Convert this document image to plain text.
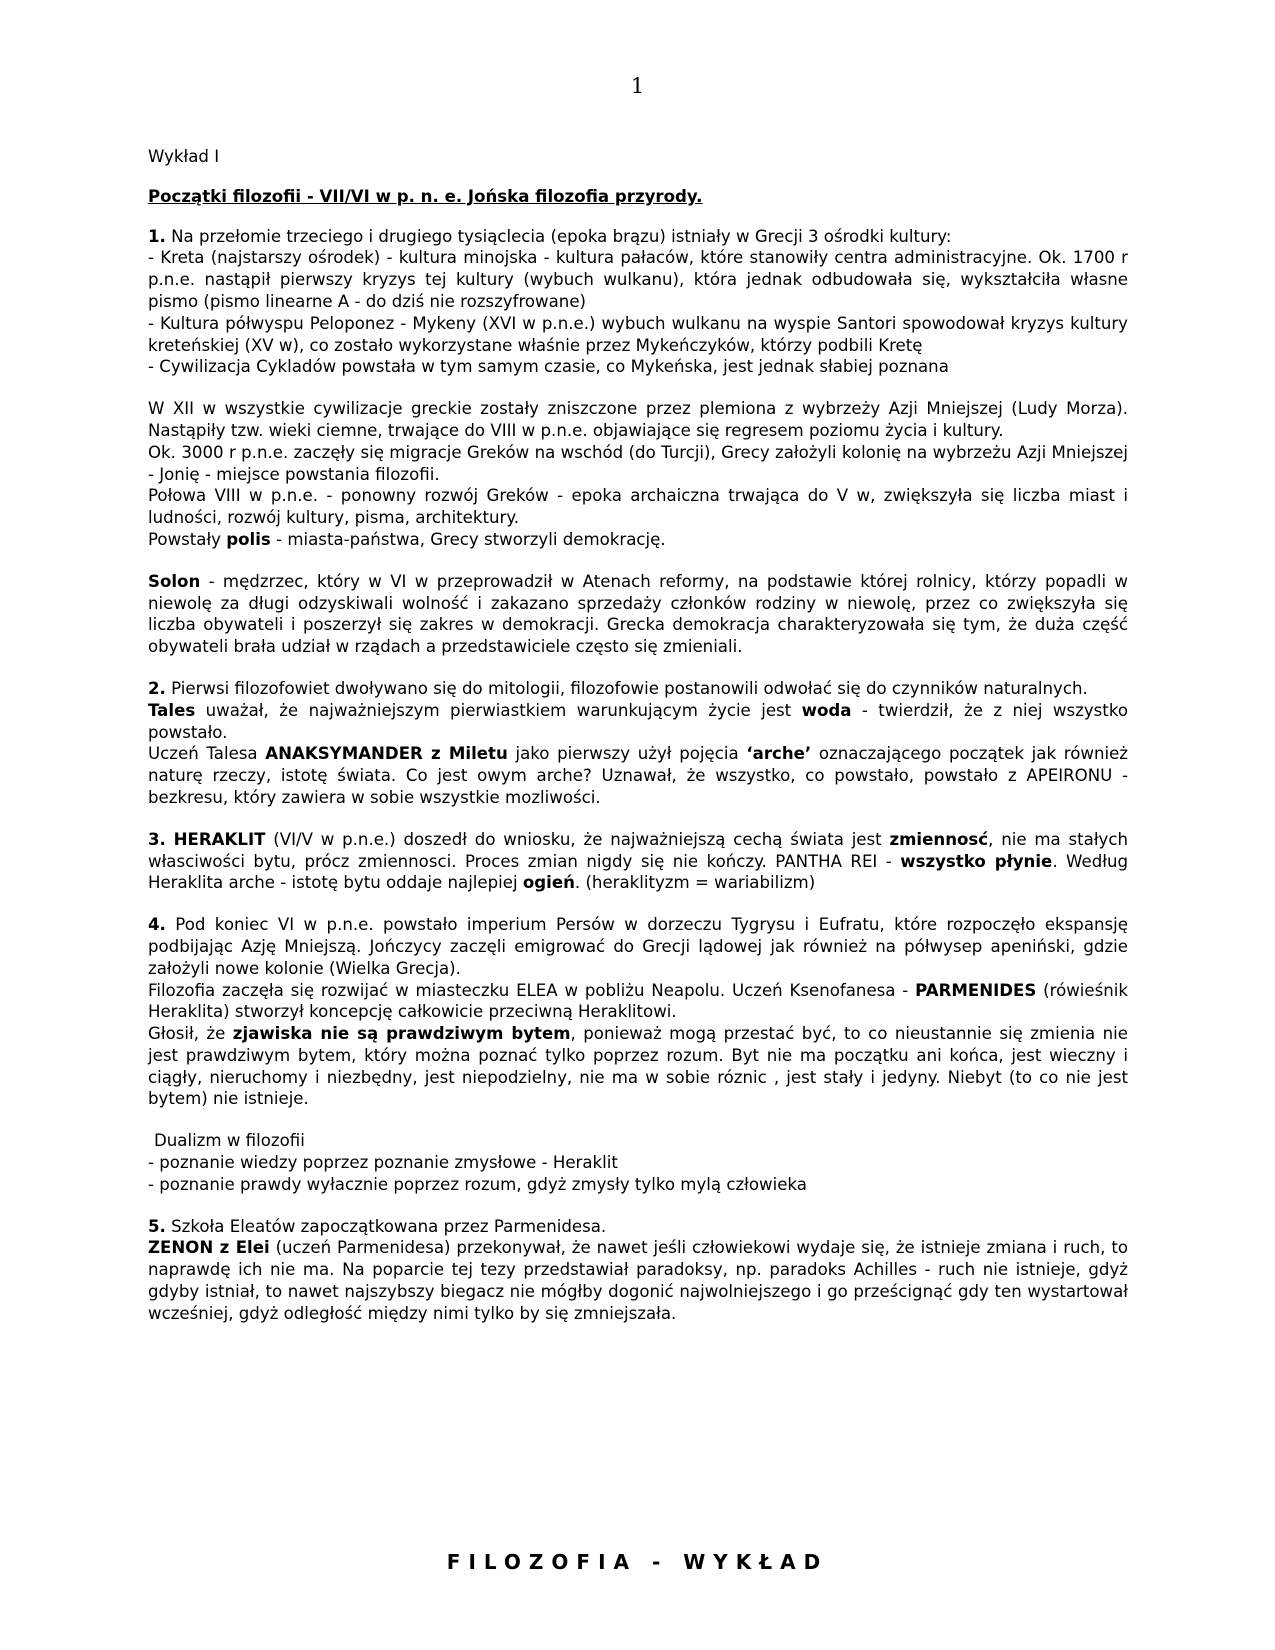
1

Wykład I

Początki filozofii - VII/VI w p. n. e. Jońska filozofia przyrody.

1. Na przełomie trzeciego i drugiego tysiąclecia (epoka brązu) istniały w Grecji 3 ośrodki kultury:

- Kreta (najstarszy ośrodek) - kultura minojska - kultura pałaców, które stanowiły centra administracyjne. Ok. 1700 r p.n.e. nastąpił pierwszy kryzys tej kultury (wybuch wulkanu), która jednak odbudowała się, wykształciła własne pismo (pismo linearne A - do dziś nie rozszyfrowane)

- Kultura półwyspu Peloponez - Mykeny (XVI w p.n.e.) wybuch wulkanu na wyspie Santori spowodował kryzys kultury kreteńskiej (XV w), co zostało wykorzystane właśnie przez Mykeńczyków, którzy podbili Kretę

- Cywilizacja Cykladów powstała w tym samym czasie, co Mykeńska, jest jednak słabiej poznana

W XII w wszystkie cywilizacje greckie zostały zniszczone przez plemiona z wybrzeży Azji Mniejszej (Ludy Morza). Nastąpiły tzw. wieki ciemne, trwające do VIII w p.n.e. objawiające się regresem poziomu życia i kultury.

Ok. 3000 r p.n.e. zaczęły się migracje Greków na wschód (do Turcji), Grecy założyli kolonię na wybrzeżu Azji Mniejszej - Jonię - miejsce powstania filozofii.

Połowa VIII w p.n.e. - ponowny rozwój Greków - epoka archaiczna trwająca do V w, zwiększyła się liczba miast i ludności, rozwój kultury, pisma, architektury.

Powstały polis - miasta-państwa, Grecy stworzyli demokrację.

Solon - mędzrzec, który w VI w przeprowadził w Atenach reformy, na podstawie której rolnicy, którzy popadli w niewolę za długi odzyskiwali wolność i zakazano sprzedaży członków rodziny w niewolę, przez co zwiększyła się liczba obywateli i poszerzył się zakres w demokracji. Grecka demokracja charakteryzowała się tym, że duża część obywateli brała udział w rządach a przedstawiciele często się zmieniali.

2. Pierwsi filozofowiet dwoływano się do mitologii, filozofowie postanowili odwołać się do czynników naturalnych.

Tales uważał, że najważniejszym pierwiastkiem warunkującym życie jest woda - twierdził, że z niej wszystko powstało.

Uczeń Talesa ANAKSYMANDER z Miletu jako pierwszy użył pojęcia ‘arche’ oznaczającego początek jak również naturę rzeczy, istotę świata. Co jest owym arche? Uznawał, że wszystko, co powstało, powstało z APEIRONU - bezkresu, który zawiera w sobie wszystkie mozliwości.

3. HERAKLIT (VI/V w p.n.e.) doszedł do wniosku, że najważniejszą cechą świata jest zmiennosć, nie ma stałych własciwości bytu, prócz zmiennosci. Proces zmian nigdy się nie kończy. PANTHA REI - wszystko płynie. Według Heraklita arche - istotę bytu oddaje najlepiej ogień. (heraklityzm = wariabilizm)

4. Pod koniec VI w p.n.e. powstało imperium Persów w dorzeczu Tygrysu i Eufratu, które rozpoczęło ekspansję podbijając Azję Mniejszą. Jończycy zaczęli emigrować do Grecji lądowej jak również na półwysep apeniński, gdzie założyli nowe kolonie (Wielka Grecja).

Filozofia zaczęła się rozwijać w miasteczku ELEA w pobliżu Neapolu. Uczeń Ksenofanesa - PARMENIDES (rówieśnik Heraklita) stworzył koncepcję całkowicie przeciwną Heraklitowi.

Głosił, że zjawiska nie są prawdziwym bytem, ponieważ mogą przestać być, to co nieustannie się zmienia nie jest prawdziwym bytem, który można poznać tylko poprzez rozum. Byt nie ma początku ani końca, jest wieczny i ciągły, nieruchomy i niezbędny, jest niepodzielny, nie ma w sobie róznic , jest stały i jedyny. Niebyt (to co nie jest bytem) nie istnieje.

Dualizm w filozofii

- poznanie wiedzy poprzez poznanie zmysłowe - Heraklit

- poznanie prawdy wyłacznie poprzez rozum, gdyż zmysły tylko mylą człowieka

5. Szkoła Eleatów zapoczątkowana przez Parmenidesa.

ZENON z Elei (uczeń Parmenidesa) przekonywał, że nawet jeśli człowiekowi wydaje się, że istnieje zmiana i ruch, to naprawdę ich nie ma. Na poparcie tej tezy przedstawiał paradoksy, np. paradoks Achilles - ruch nie istnieje, gdyż gdyby istniał, to nawet najszybszy biegacz nie mógłby dogonić najwolniejszego i go prześcignąć gdy ten wystartował wcześniej, gdyż odległość między nimi tylko by się zmniejszała.

FILOZOFIA - WYKŁAD
